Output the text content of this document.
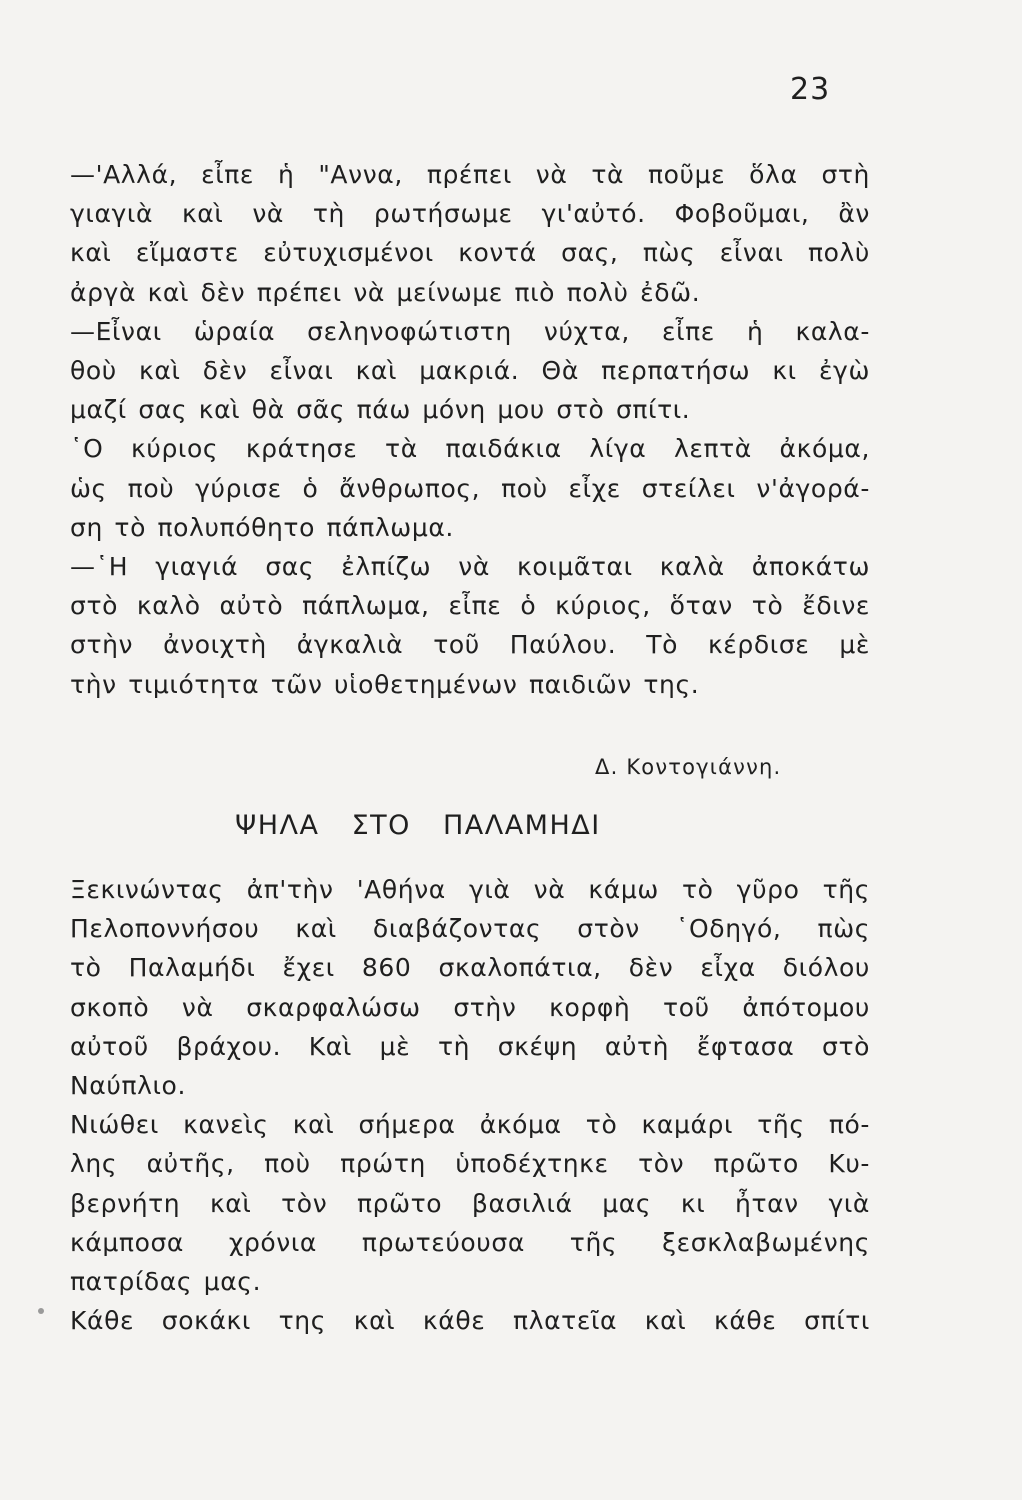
23
—'Αλλά, εἶπε ἡ "Αννα, πρέπει νὰ τὰ ποῦμε ὅλα στὴ
γιαγιὰ καὶ νὰ τὴ ρωτήσωμε γι'αὐτό. Φοβοῦμαι, ἂν
καὶ εἴμαστε εὐτυχισμένοι κοντά σας, πὼς εἶναι πολὺ
ἀργὰ καὶ δὲν πρέπει νὰ μείνωμε πιὸ πολὺ ἐδῶ.
—Εἶναι ὡραία σεληνοφώτιστη νύχτα, εἶπε ἡ καλα-
θοὺ καὶ δὲν εἶναι καὶ μακριά. Θὰ περπατήσω κι ἐγὼ
μαζί σας καὶ θὰ σᾶς πάω μόνη μου στὸ σπίτι.
῾Ο κύριος κράτησε τὰ παιδάκια λίγα λεπτὰ ἀκόμα,
ὡς ποὺ γύρισε ὁ ἄνθρωπος, ποὺ εἶχε στείλει ν'ἀγορά-
ση τὸ πολυπόθητο πάπλωμα.
—῾Η γιαγιά σας ἐλπίζω νὰ κοιμᾶται καλὰ ἀποκάτω
στὸ καλὸ αὐτὸ πάπλωμα, εἶπε ὁ κύριος, ὅταν τὸ ἔδινε
στὴν ἀνοιχτὴ ἀγκαλιὰ τοῦ Παύλου. Τὸ κέρδισε μὲ
τὴν τιμιότητα τῶν υἱοθετημένων παιδιῶν της.
Δ. Κοντογιάννη.
ΨΗΛΑ ΣΤΟ ΠΑΛΑΜΗΔΙ
Ξεκινώντας ἀπ'τὴν 'Αθήνα γιὰ νὰ κάμω τὸ γῦρο τῆς
Πελοποννήσου καὶ διαβάζοντας στὸν ῾Οδηγό, πὼς
τὸ Παλαμήδι ἔχει 860 σκαλοπάτια, δὲν εἶχα διόλου
σκοπὸ νὰ σκαρφαλώσω στὴν κορφὴ τοῦ ἀπότομου
αὐτοῦ βράχου. Καὶ μὲ τὴ σκέψη αὐτὴ ἔφτασα στὸ
Ναύπλιο.
Νιώθει κανεὶς καὶ σήμερα ἀκόμα τὸ καμάρι τῆς πό-
λης αὐτῆς, ποὺ πρώτη ὑποδέχτηκε τὸν πρῶτο Κυ-
βερνήτη καὶ τὸν πρῶτο βασιλιά μας κι ἦταν γιὰ
κάμποσα χρόνια πρωτεύουσα τῆς ξεσκλαβωμένης
πατρίδας μας.
Κάθε σοκάκι της καὶ κάθε πλατεῖα καὶ κάθε σπίτι
